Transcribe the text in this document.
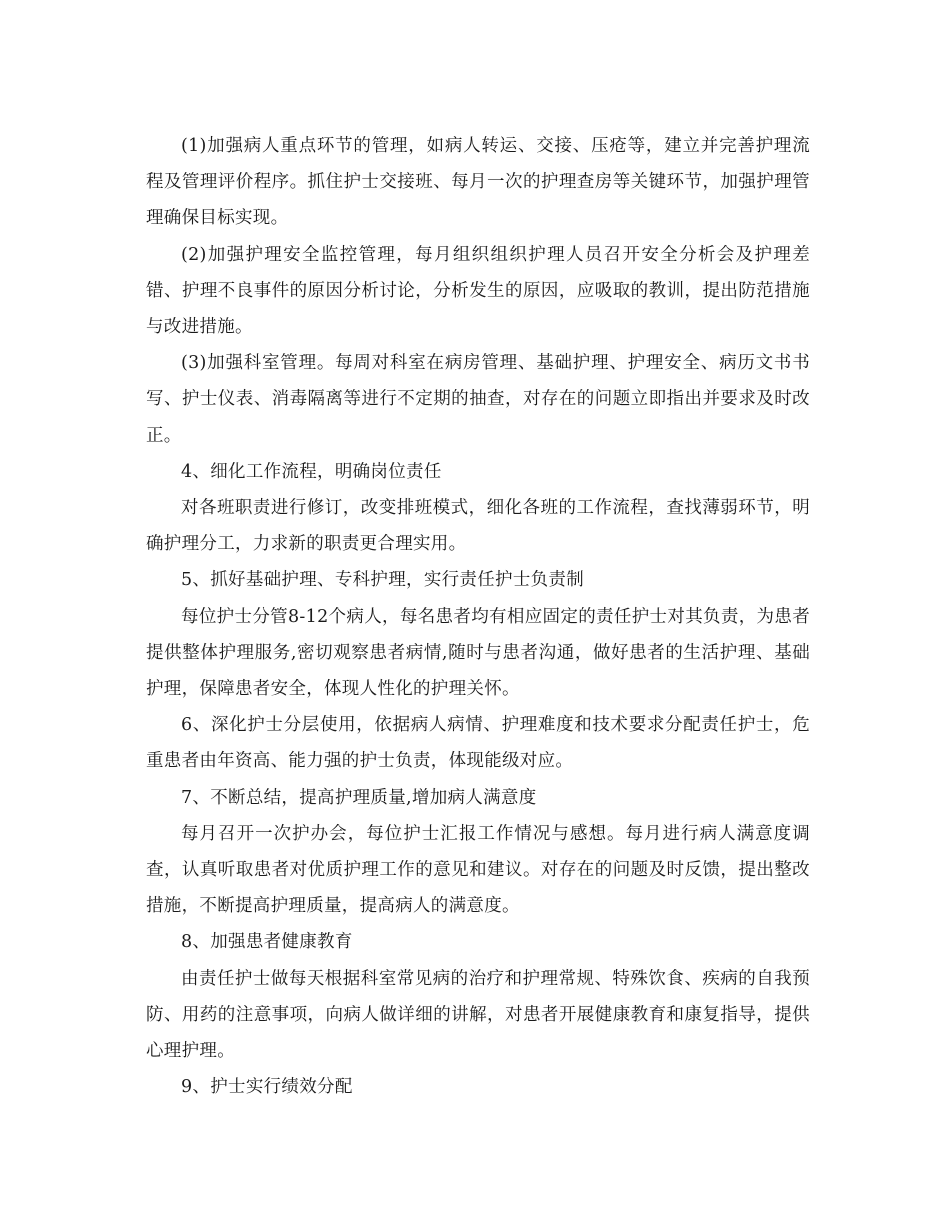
(1)加强病人重点环节的管理，如病人转运、交接、压疮等，建立并完善护理流程及管理评价程序。抓住护士交接班、每月一次的护理查房等关键环节，加强护理管理确保目标实现。

(2)加强护理安全监控管理，每月组织组织护理人员召开安全分析会及护理差错、护理不良事件的原因分析讨论，分析发生的原因，应吸取的教训，提出防范措施与改进措施。

(3)加强科室管理。每周对科室在病房管理、基础护理、护理安全、病历文书书写、护士仪表、消毒隔离等进行不定期的抽查，对存在的问题立即指出并要求及时改正。

4、细化工作流程，明确岗位责任

对各班职责进行修订，改变排班模式，细化各班的工作流程，查找薄弱环节，明确护理分工，力求新的职责更合理实用。

5、抓好基础护理、专科护理，实行责任护士负责制

每位护士分管8-12个病人，每名患者均有相应固定的责任护士对其负责，为患者提供整体护理服务,密切观察患者病情,随时与患者沟通，做好患者的生活护理、基础护理，保障患者安全，体现人性化的护理关怀。

6、深化护士分层使用，依据病人病情、护理难度和技术要求分配责任护士，危重患者由年资高、能力强的护士负责，体现能级对应。

7、不断总结，提高护理质量,增加病人满意度

每月召开一次护办会，每位护士汇报工作情况与感想。每月进行病人满意度调查，认真听取患者对优质护理工作的意见和建议。对存在的问题及时反馈，提出整改措施，不断提高护理质量，提高病人的满意度。

8、加强患者健康教育

由责任护士做每天根据科室常见病的治疗和护理常规、特殊饮食、疾病的自我预防、用药的注意事项，向病人做详细的讲解，对患者开展健康教育和康复指导，提供心理护理。

9、护士实行绩效分配
